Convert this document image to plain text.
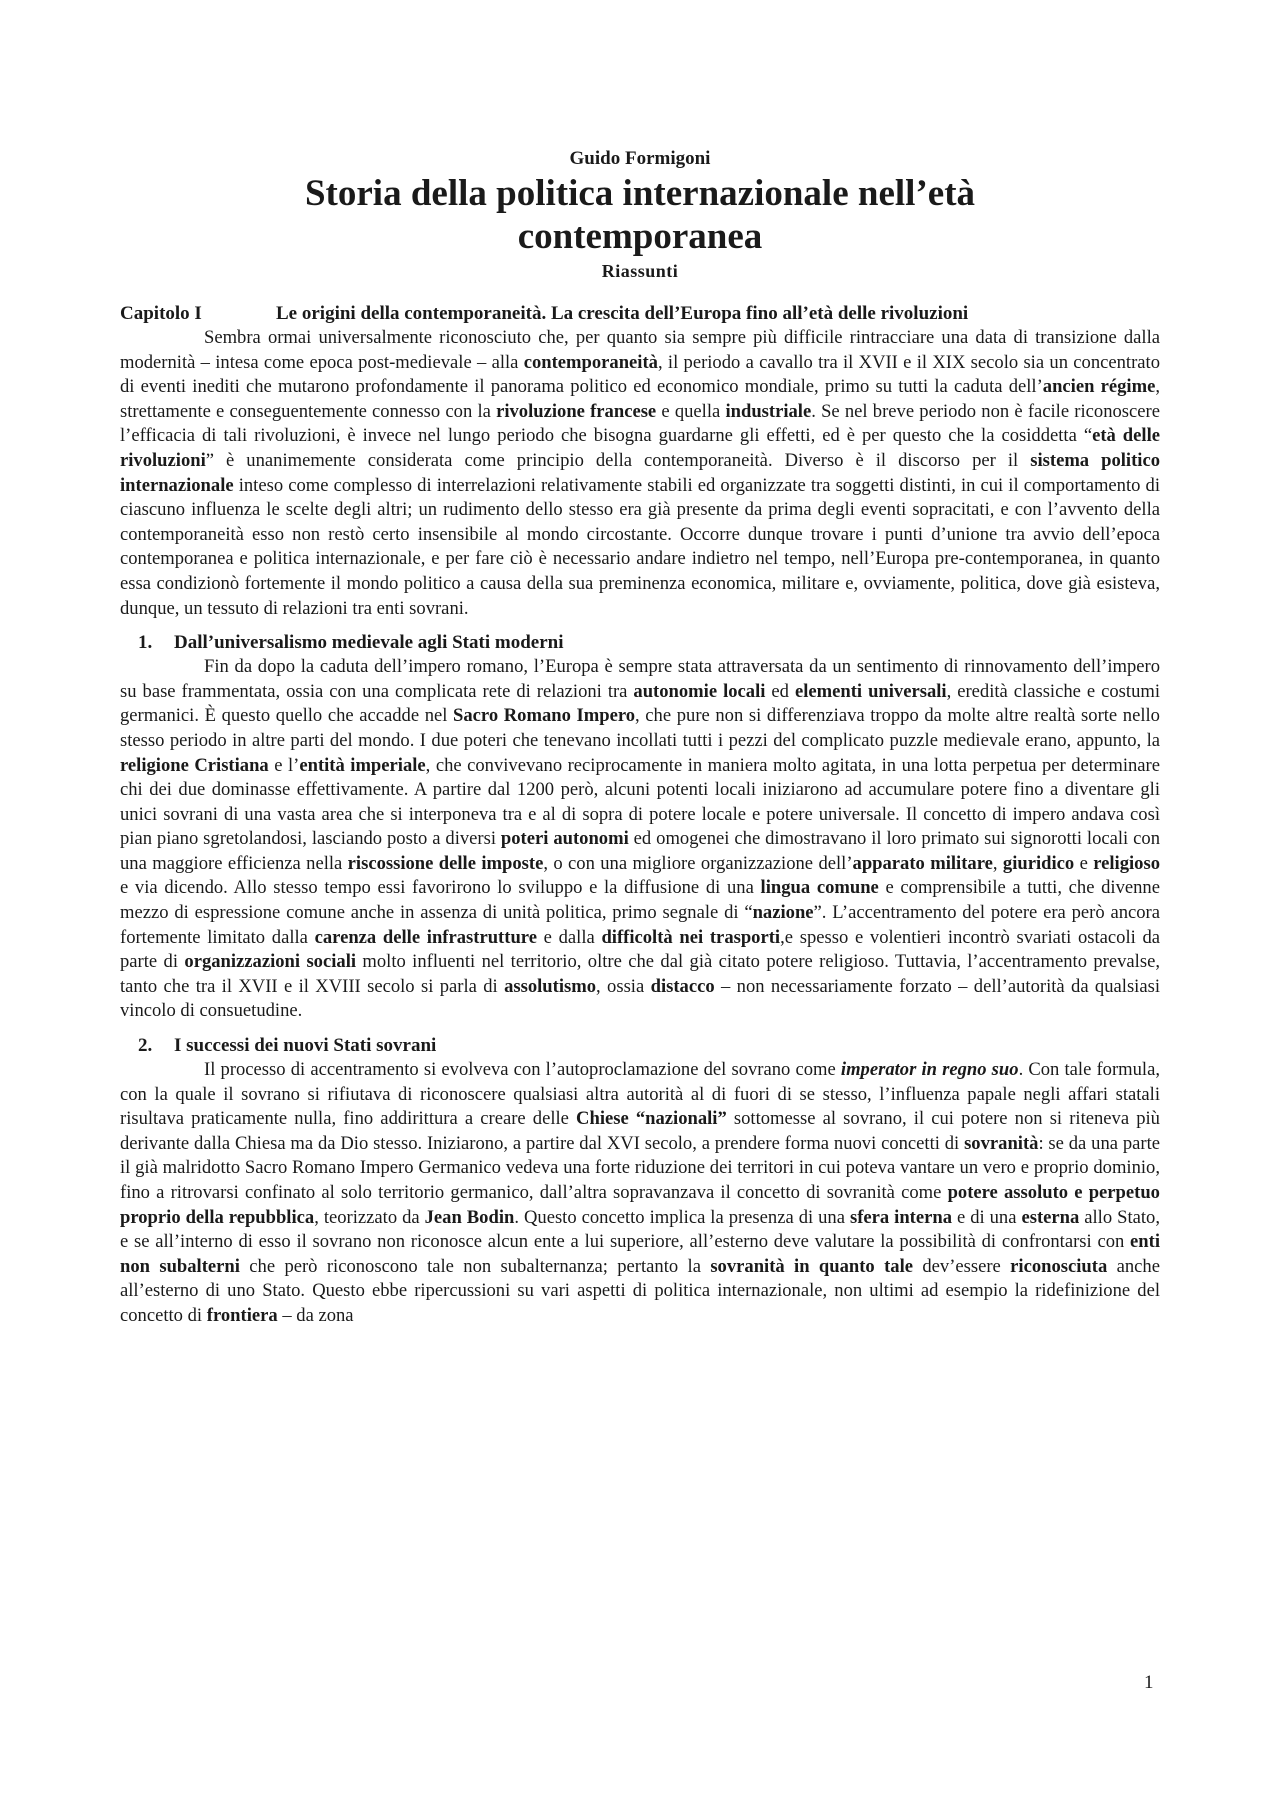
Guido Formigoni
Storia della politica internazionale nell’età
contemporanea
Riassunti
Capitolo I	Le origini della contemporaneità. La crescita dell’Europa fino all’età delle rivoluzioni

Sembra ormai universalmente riconosciuto che, per quanto sia sempre più difficile rintracciare una data di transizione dalla modernità – intesa come epoca post-medievale – alla contemporaneità, il periodo a cavallo tra il XVII e il XIX secolo sia un concentrato di eventi inediti che mutarono profondamente il panorama politico ed economico mondiale, primo su tutti la caduta dell’ancien régime, strettamente e conseguentemente connesso con la rivoluzione francese e quella industriale. Se nel breve periodo non è facile riconoscere l’efficacia di tali rivoluzioni, è invece nel lungo periodo che bisogna guardarne gli effetti, ed è per questo che la cosiddetta “età delle rivoluzioni” è unanimemente considerata come principio della contemporaneità. Diverso è il discorso per il sistema politico internazionale inteso come complesso di interrelazioni relativamente stabili ed organizzate tra soggetti distinti, in cui il comportamento di ciascuno influenza le scelte degli altri; un rudimento dello stesso era già presente da prima degli eventi sopracitati, e con l’avvento della contemporaneità esso non restò certo insensibile al mondo circostante. Occorre dunque trovare i punti d’unione tra avvio dell’epoca contemporanea e politica internazionale, e per fare ciò è necessario andare indietro nel tempo, nell’Europa pre-contemporanea, in quanto essa condizionò fortemente il mondo politico a causa della sua preminenza economica, militare e, ovviamente, politica, dove già esisteva, dunque, un tessuto di relazioni tra enti sovrani.

1. Dall’universalismo medievale agli Stati moderni

Fin da dopo la caduta dell’impero romano, l’Europa è sempre stata attraversata da un sentimento di rinnovamento dell’impero su base frammentata, ossia con una complicata rete di relazioni tra autonomie locali ed elementi universali, eredità classiche e costumi germanici. È questo quello che accadde nel Sacro Romano Impero, che pure non si differenziava troppo da molte altre realtà sorte nello stesso periodo in altre parti del mondo. I due poteri che tenevano incollati tutti i pezzi del complicato puzzle medievale erano, appunto, la religione Cristiana e l’entità imperiale, che convivevano reciprocamente in maniera molto agitata, in una lotta perpetua per determinare chi dei due dominasse effettivamente. A partire dal 1200 però, alcuni potenti locali iniziarono ad accumulare potere fino a diventare gli unici sovrani di una vasta area che si interponeva tra e al di sopra di potere locale e potere universale. Il concetto di impero andava così pian piano sgretolandosi, lasciando posto a diversi poteri autonomi ed omogenei che dimostravano il loro primato sui signorotti locali con una maggiore efficienza nella riscossione delle imposte, o con una migliore organizzazione dell’apparato militare, giuridico e religioso e via dicendo. Allo stesso tempo essi favorirono lo sviluppo e la diffusione di una lingua comune e comprensibile a tutti, che divenne mezzo di espressione comune anche in assenza di unità politica, primo segnale di “nazione”. L’accentramento del potere era però ancora fortemente limitato dalla carenza delle infrastrutture e dalla difficoltà nei trasporti,e spesso e volentieri incontrò svariati ostacoli da parte di organizzazioni sociali molto influenti nel territorio, oltre che dal già citato potere religioso. Tuttavia, l’accentramento prevalse, tanto che tra il XVII e il XVIII secolo si parla di assolutismo, ossia distacco – non necessariamente forzato – dell’autorità da qualsiasi vincolo di consuetudine.

2. I successi dei nuovi Stati sovrani

Il processo di accentramento si evolveva con l’autoproclamazione del sovrano come imperator in regno suo. Con tale formula, con la quale il sovrano si rifiutava di riconoscere qualsiasi altra autorità al di fuori di se stesso, l’influenza papale negli affari statali risultava praticamente nulla, fino addirittura a creare delle Chiese “nazionali” sottomesse al sovrano, il cui potere non si riteneva più derivante dalla Chiesa ma da Dio stesso. Iniziarono, a partire dal XVI secolo, a prendere forma nuovi concetti di sovranità: se da una parte il già malridotto Sacro Romano Impero Germanico vedeva una forte riduzione dei territori in cui poteva vantare un vero e proprio dominio, fino a ritrovarsi confinato al solo territorio germanico, dall’altra sopravanzava il concetto di sovranità come potere assoluto e perpetuo proprio della repubblica, teorizzato da Jean Bodin. Questo concetto implica la presenza di una sfera interna e di una esterna allo Stato, e se all’interno di esso il sovrano non riconosce alcun ente a lui superiore, all’esterno deve valutare la possibilità di confrontarsi con enti non subalterni che però riconoscono tale non subalternanza; pertanto la sovranità in quanto tale dev’essere riconosciuta anche all’esterno di uno Stato. Questo ebbe ripercussioni su vari aspetti di politica internazionale, non ultimi ad esempio la ridefinizione del concetto di frontiera – da zona

1
